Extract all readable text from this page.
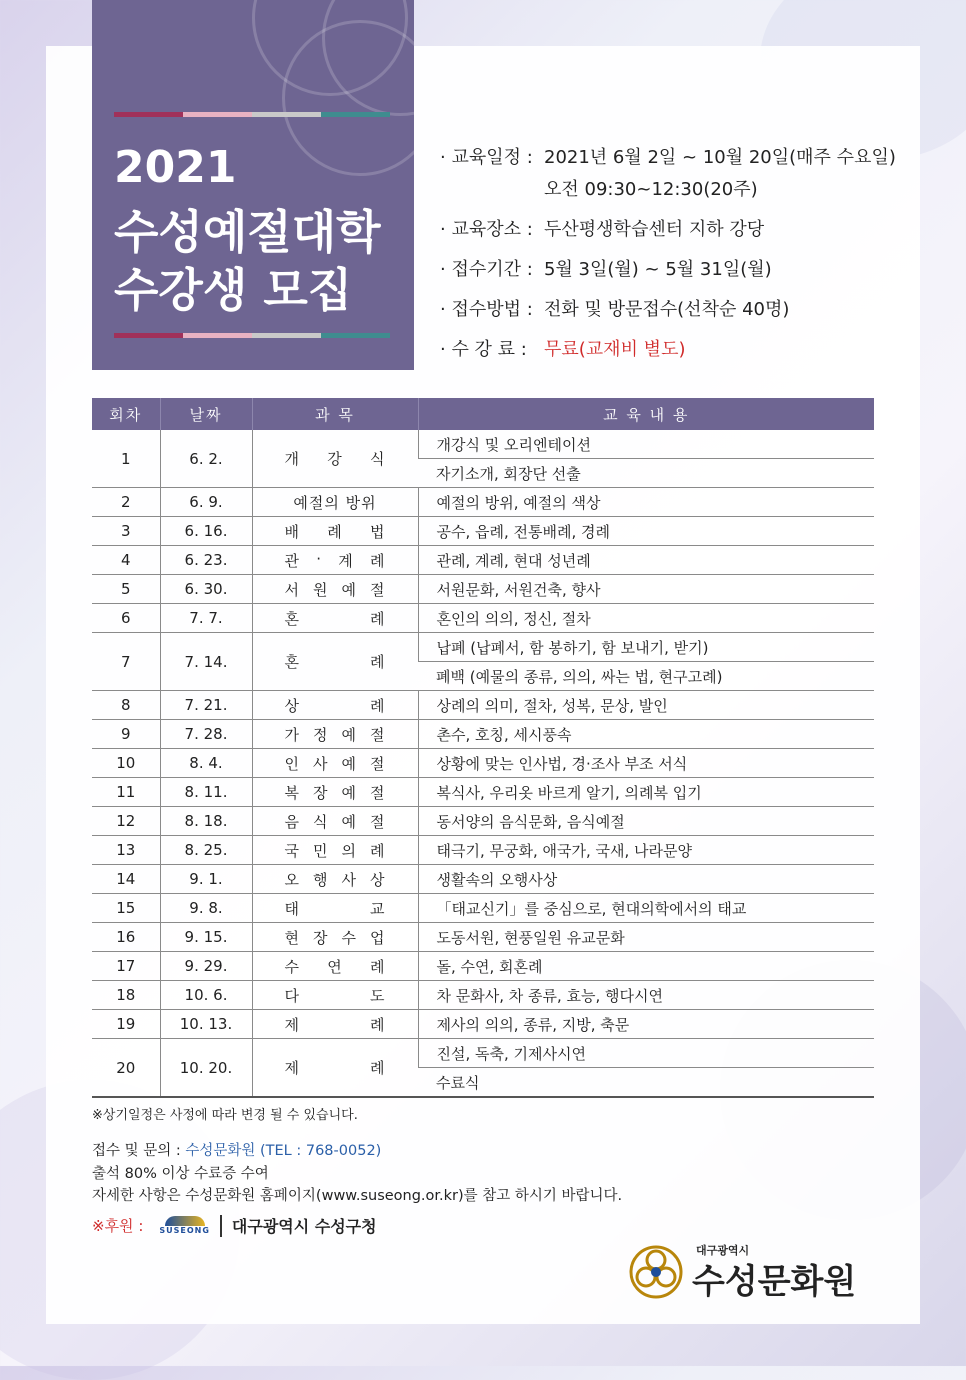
2021
수성예절대학
수강생 모집
· 교육일정 : 2021년 6월 2일 ~ 10월 20일(매주 수요일)
오전 09:30~12:30(20주)
· 교육장소 : 두산평생학습센터 지하 강당
· 접수기간 : 5월 3일(월) ~ 5월 31일(월)
· 접수방법 : 전화 및 방문접수(선착순 40명)
· 수 강 료 : 무료(교재비 별도)
회차	날짜	과 목	교 육 내 용
1	6. 2.	개 강 식	개강식 및 오리엔테이션
			자기소개, 회장단 선출
2	6. 9.	예절의 방위	예절의 방위, 예절의 색상
3	6. 16.	배 례 법	공수, 읍례, 전통배례, 경례
4	6. 23.	관 · 계 례	관례, 계례, 현대 성년례
5	6. 30.	서 원 예 절	서원문화, 서원건축, 향사
6	7. 7.	혼 례	혼인의 의의, 정신, 절차
7	7. 14.	혼 례	납폐 (납폐서, 함 봉하기, 함 보내기, 받기)
			폐백 (예물의 종류, 의의, 싸는 법, 현구고례)
8	7. 21.	상 례	상례의 의미, 절차, 성복, 문상, 발인
9	7. 28.	가 정 예 절	촌수, 호칭, 세시풍속
10	8. 4.	인 사 예 절	상황에 맞는 인사법, 경·조사 부조 서식
11	8. 11.	복 장 예 절	복식사, 우리옷 바르게 알기, 의례복 입기
12	8. 18.	음 식 예 절	동서양의 음식문화, 음식예절
13	8. 25.	국 민 의 례	태극기, 무궁화, 애국가, 국새, 나라문양
14	9. 1.	오 행 사 상	생활속의 오행사상
15	9. 8.	태 교	「태교신기」를 중심으로, 현대의학에서의 태교
16	9. 15.	현 장 수 업	도동서원, 현풍일원 유교문화
17	9. 29.	수 연 례	돌, 수연, 회혼례
18	10. 6.	다 도	차 문화사, 차 종류, 효능, 행다시연
19	10. 13.	제 례	제사의 의의, 종류, 지방, 축문
20	10. 20.	제 례	진설, 독축, 기제사시연
			수료식
※상기일정은 사정에 따라 변경 될 수 있습니다.
접수 및 문의 : 수성문화원 (TEL : 768-0052)
출석 80% 이상 수료증 수여
자세한 사항은 수성문화원 홈페이지(www.suseong.or.kr)를 참고 하시기 바랍니다.
※후원 : SUSEONG 대구광역시 수성구청
대구광역시
수성문화원
